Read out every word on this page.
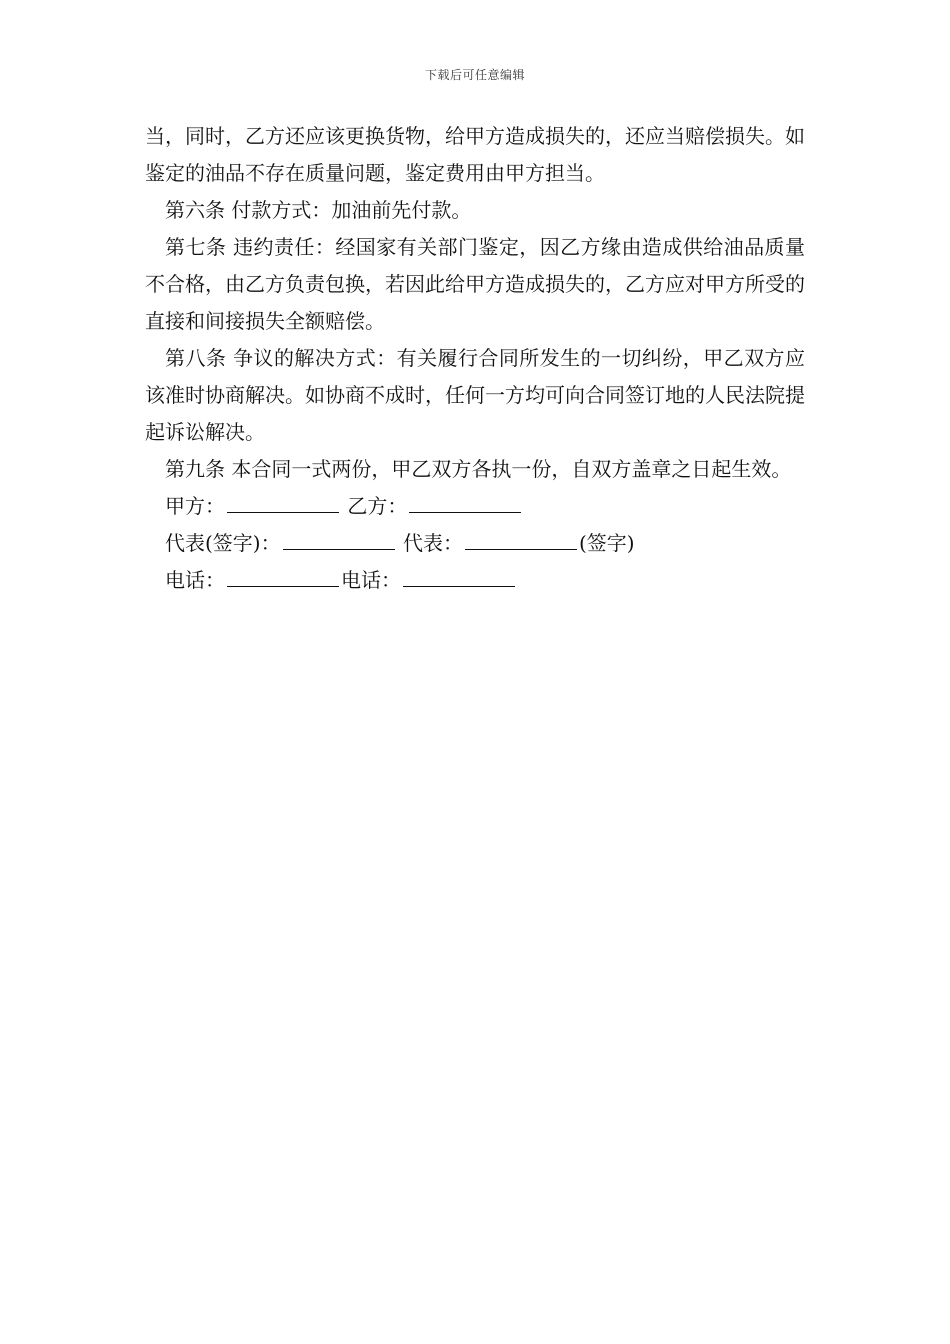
下载后可任意编辑

当，同时，乙方还应该更换货物，给甲方造成损失的，还应当赔偿损失。如鉴定的油品不存在质量问题，鉴定费用由甲方担当。

第六条 付款方式：加油前先付款。

第七条 违约责任：经国家有关部门鉴定，因乙方缘由造成供给油品质量不合格，由乙方负责包换，若因此给甲方造成损失的，乙方应对甲方所受的直接和间接损失全额赔偿。

第八条 争议的解决方式：有关履行合同所发生的一切纠纷，甲乙双方应该准时协商解决。如协商不成时，任何一方均可向合同签订地的人民法院提起诉讼解决。

第九条 本合同一式两份，甲乙双方各执一份，自双方盖章之日起生效。

甲方：	乙方：

代表(签字)：	代表：	(签字)

电话：	电话：
